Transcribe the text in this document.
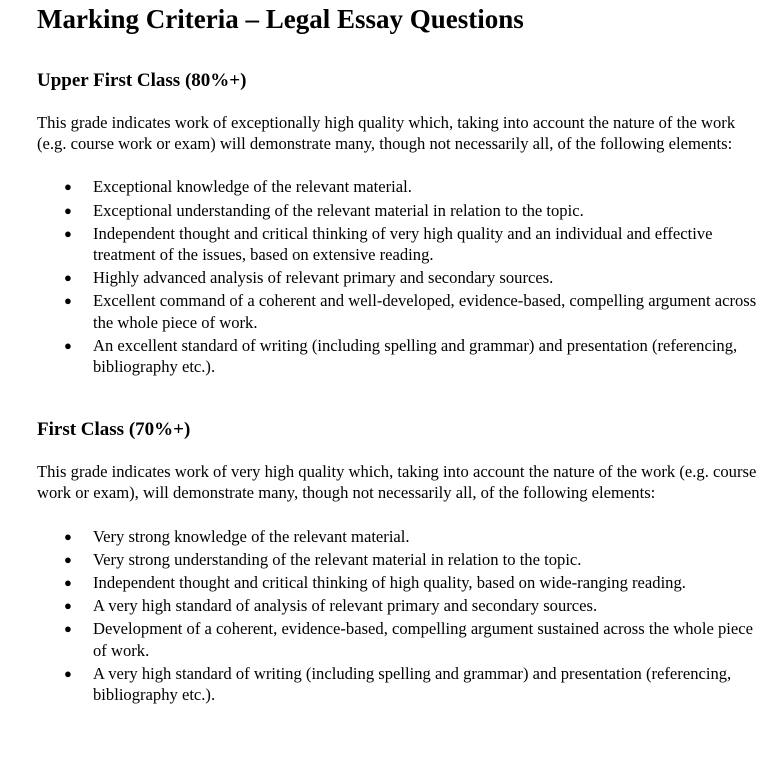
Marking Criteria – Legal Essay Questions
Upper First Class (80%+)

This grade indicates work of exceptionally high quality which, taking into account the nature of the work (e.g. course work or exam) will demonstrate many, though not necessarily all, of the following elements:

● Exceptional knowledge of the relevant material.
● Exceptional understanding of the relevant material in relation to the topic.
● Independent thought and critical thinking of very high quality and an individual and effective treatment of the issues, based on extensive reading.
● Highly advanced analysis of relevant primary and secondary sources.
● Excellent command of a coherent and well-developed, evidence-based, compelling argument across the whole piece of work.
● An excellent standard of writing (including spelling and grammar) and presentation (referencing, bibliography etc.).
First Class (70%+)

This grade indicates work of very high quality which, taking into account the nature of the work (e.g. course work or exam), will demonstrate many, though not necessarily all, of the following elements:

● Very strong knowledge of the relevant material.
● Very strong understanding of the relevant material in relation to the topic.
● Independent thought and critical thinking of high quality, based on wide-ranging reading.
● A very high standard of analysis of relevant primary and secondary sources.
● Development of a coherent, evidence-based, compelling argument sustained across the whole piece of work.
● A very high standard of writing (including spelling and grammar) and presentation (referencing, bibliography etc.).
